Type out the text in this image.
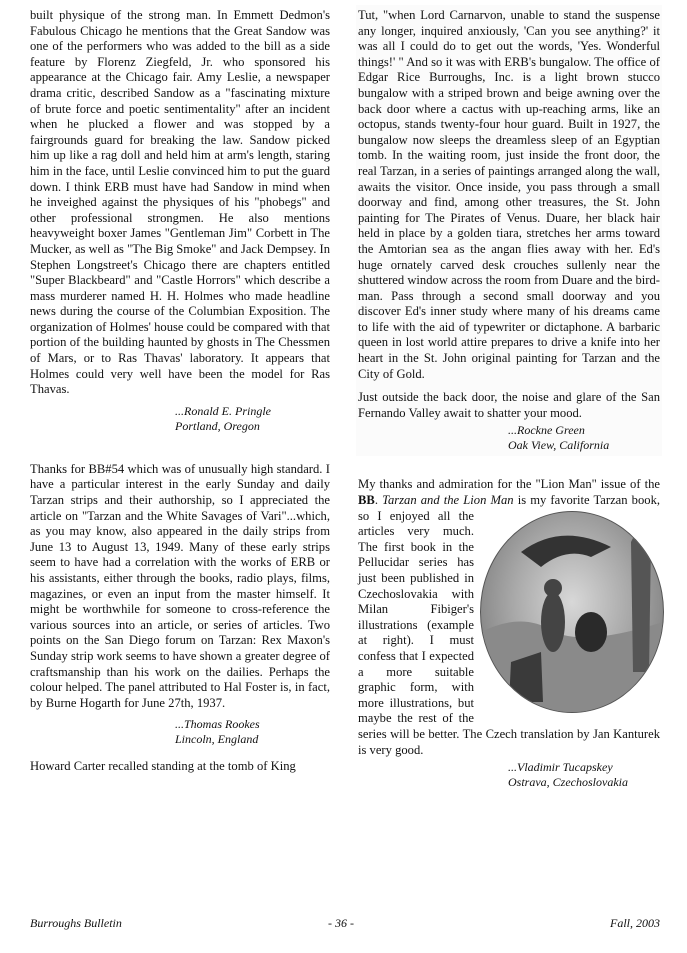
built physique of the strong man. In Emmett Dedmon's Fabulous Chicago he mentions that the Great Sandow was one of the performers who was added to the bill as a side feature by Florenz Ziegfeld, Jr. who sponsored his appearance at the Chicago fair. Amy Leslie, a newspaper drama critic, described Sandow as a "fascinating mixture of brute force and poetic sentimentality" after an incident when he plucked a flower and was stopped by a fairgrounds guard for breaking the law. Sandow picked him up like a rag doll and held him at arm's length, staring him in the face, until Leslie convinced him to put the guard down. I think ERB must have had Sandow in mind when he inveighed against the physiques of his "phobegs" and other professional strongmen. He also mentions heavyweight boxer James "Gentleman Jim" Corbett in The Mucker, as well as "The Big Smoke" and Jack Dempsey. In Stephen Longstreet's Chicago there are chapters entitled "Super Blackbeard" and "Castle Horrors" which describe a mass murderer named H. H. Holmes who made headline news during the course of the Columbian Exposition. The organization of Holmes' house could be compared with that portion of the building haunted by ghosts in The Chessmen of Mars, or to Ras Thavas' laboratory. It appears that Holmes could very well have been the model for Ras Thavas.

...Ronald E. Pringle
Portland, Oregon

Thanks for BB#54 which was of unusually high standard. I have a particular interest in the early Sunday and daily Tarzan strips and their authorship, so I appreciated the article on "Tarzan and the White Savages of Vari"...which, as you may know, also appeared in the daily strips from June 13 to August 13, 1949. Many of these early strips seem to have had a correlation with the works of ERB or his assistants, either through the books, radio plays, films, magazines, or even an input from the master himself. It might be worthwhile for someone to cross-reference the various sources into an article, or series of articles. Two points on the San Diego forum on Tarzan: Rex Maxon's Sunday strip work seems to have shown a greater degree of craftsmanship than his work on the dailies. Perhaps the colour helped. The panel attributed to Hal Foster is, in fact, by Burne Hogarth for June 27th, 1937.

...Thomas Rookes
Lincoln, England

Howard Carter recalled standing at the tomb of King

Tut, "when Lord Carnarvon, unable to stand the suspense any longer, inquired anxiously, 'Can you see anything?' it was all I could do to get out the words, 'Yes. Wonderful things!' " And so it was with ERB's bungalow. The office of Edgar Rice Burroughs, Inc. is a light brown stucco bungalow with a striped brown and beige awning over the back door where a cactus with up-reaching arms, like an octopus, stands twenty-four hour guard. Built in 1927, the bungalow now sleeps the dreamless sleep of an Egyptian tomb. In the waiting room, just inside the front door, the real Tarzan, in a series of paintings arranged along the wall, awaits the visitor. Once inside, you pass through a small doorway and find, among other treasures, the St. John painting for The Pirates of Venus. Duare, her black hair held in place by a golden tiara, stretches her arms toward the Amtorian sea as the angan flies away with her. Ed's huge ornately carved desk crouches sullenly near the shuttered window across the room from Duare and the bird-man. Pass through a second small doorway and you discover Ed's inner study where many of his dreams came to life with the aid of typewriter or dictaphone. A barbaric queen in lost world attire prepares to drive a knife into her heart in the St. John original painting for Tarzan and the City of Gold.

Just outside the back door, the noise and glare of the San Fernando Valley await to shatter your mood.

...Rockne Green
Oak View, California

My thanks and admiration for the "Lion Man" issue of the BB. Tarzan and the Lion Man is my favorite Tarzan book, so I enjoyed all the articles very much. The first book in the Pellucidar series has just been published in Czechoslovakia with Milan Fibiger's illustrations (example at right). I must confess that I expected a more suitable graphic form, with more illustrations, but maybe the rest of the series will be better. The Czech translation by Jan Kanturek is very good.

...Vladimir Tucapskey
Ostrava, Czechoslovakia
Burroughs Bulletin	- 36 -	Fall, 2003
